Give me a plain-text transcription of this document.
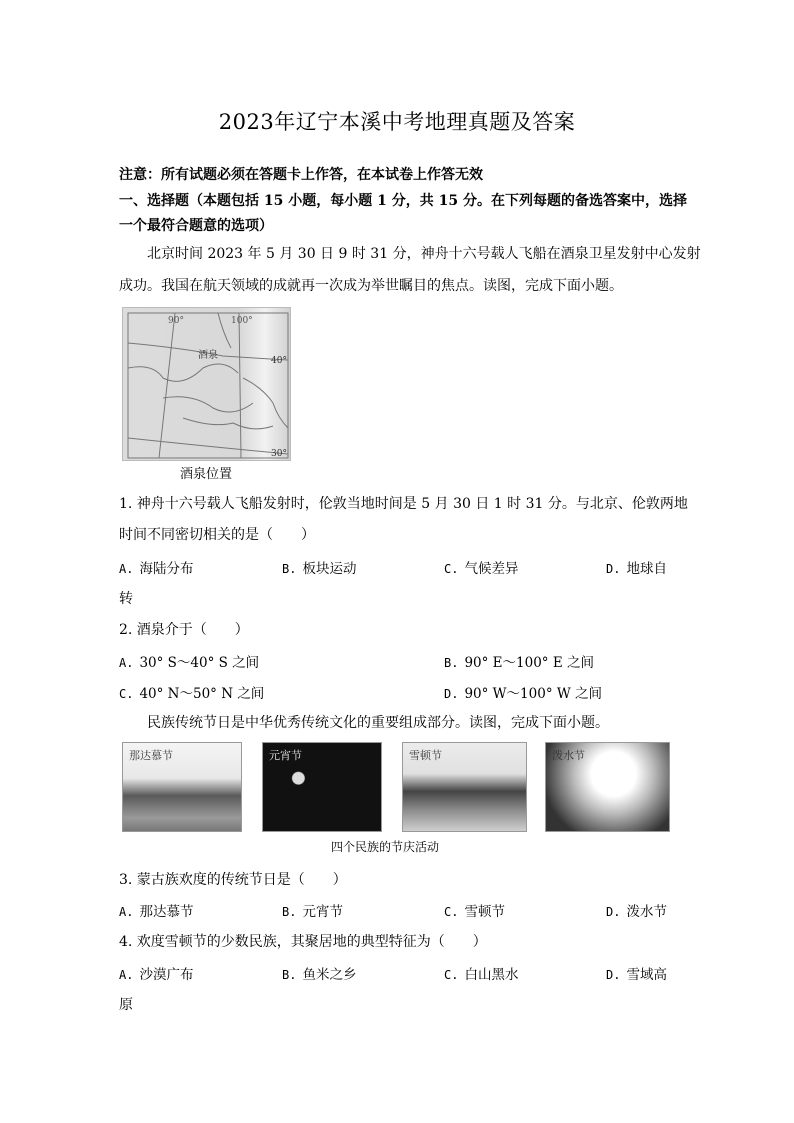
2023年辽宁本溪中考地理真题及答案
注意：所有试题必须在答题卡上作答，在本试卷上作答无效
一、选择题（本题包括 15 小题，每小题 1 分，共 15 分。在下列每题的备选答案中，选择
一个最符合题意的选项）
北京时间 2023 年 5 月 30 日 9 时 31 分，神舟十六号载人飞船在酒泉卫星发射中心发射
成功。我国在航天领域的成就再一次成为举世瞩目的焦点。读图，完成下面小题。
90°	100°
酒泉	40°
30°
酒泉位置
1. 神舟十六号载人飞船发射时，伦敦当地时间是 5 月 30 日 1 时 31 分。与北京、伦敦两地
时间不同密切相关的是（　　）
A. 海陆分布	B. 板块运动	C. 气候差异	D. 地球自
转
2. 酒泉介于（　　）
A. 30° S～40° S 之间	B. 90° E～100° E 之间
C. 40° N～50° N 之间	D. 90° W～100° W 之间
民族传统节日是中华优秀传统文化的重要组成部分。读图，完成下面小题。
那达慕节	元宵节	雪顿节	泼水节
四个民族的节庆活动
3. 蒙古族欢度的传统节日是（　　）
A. 那达慕节	B. 元宵节	C. 雪顿节	D. 泼水节
4. 欢度雪顿节的少数民族，其聚居地的典型特征为（　　）
A. 沙漠广布	B. 鱼米之乡	C. 白山黑水	D. 雪域高
原
